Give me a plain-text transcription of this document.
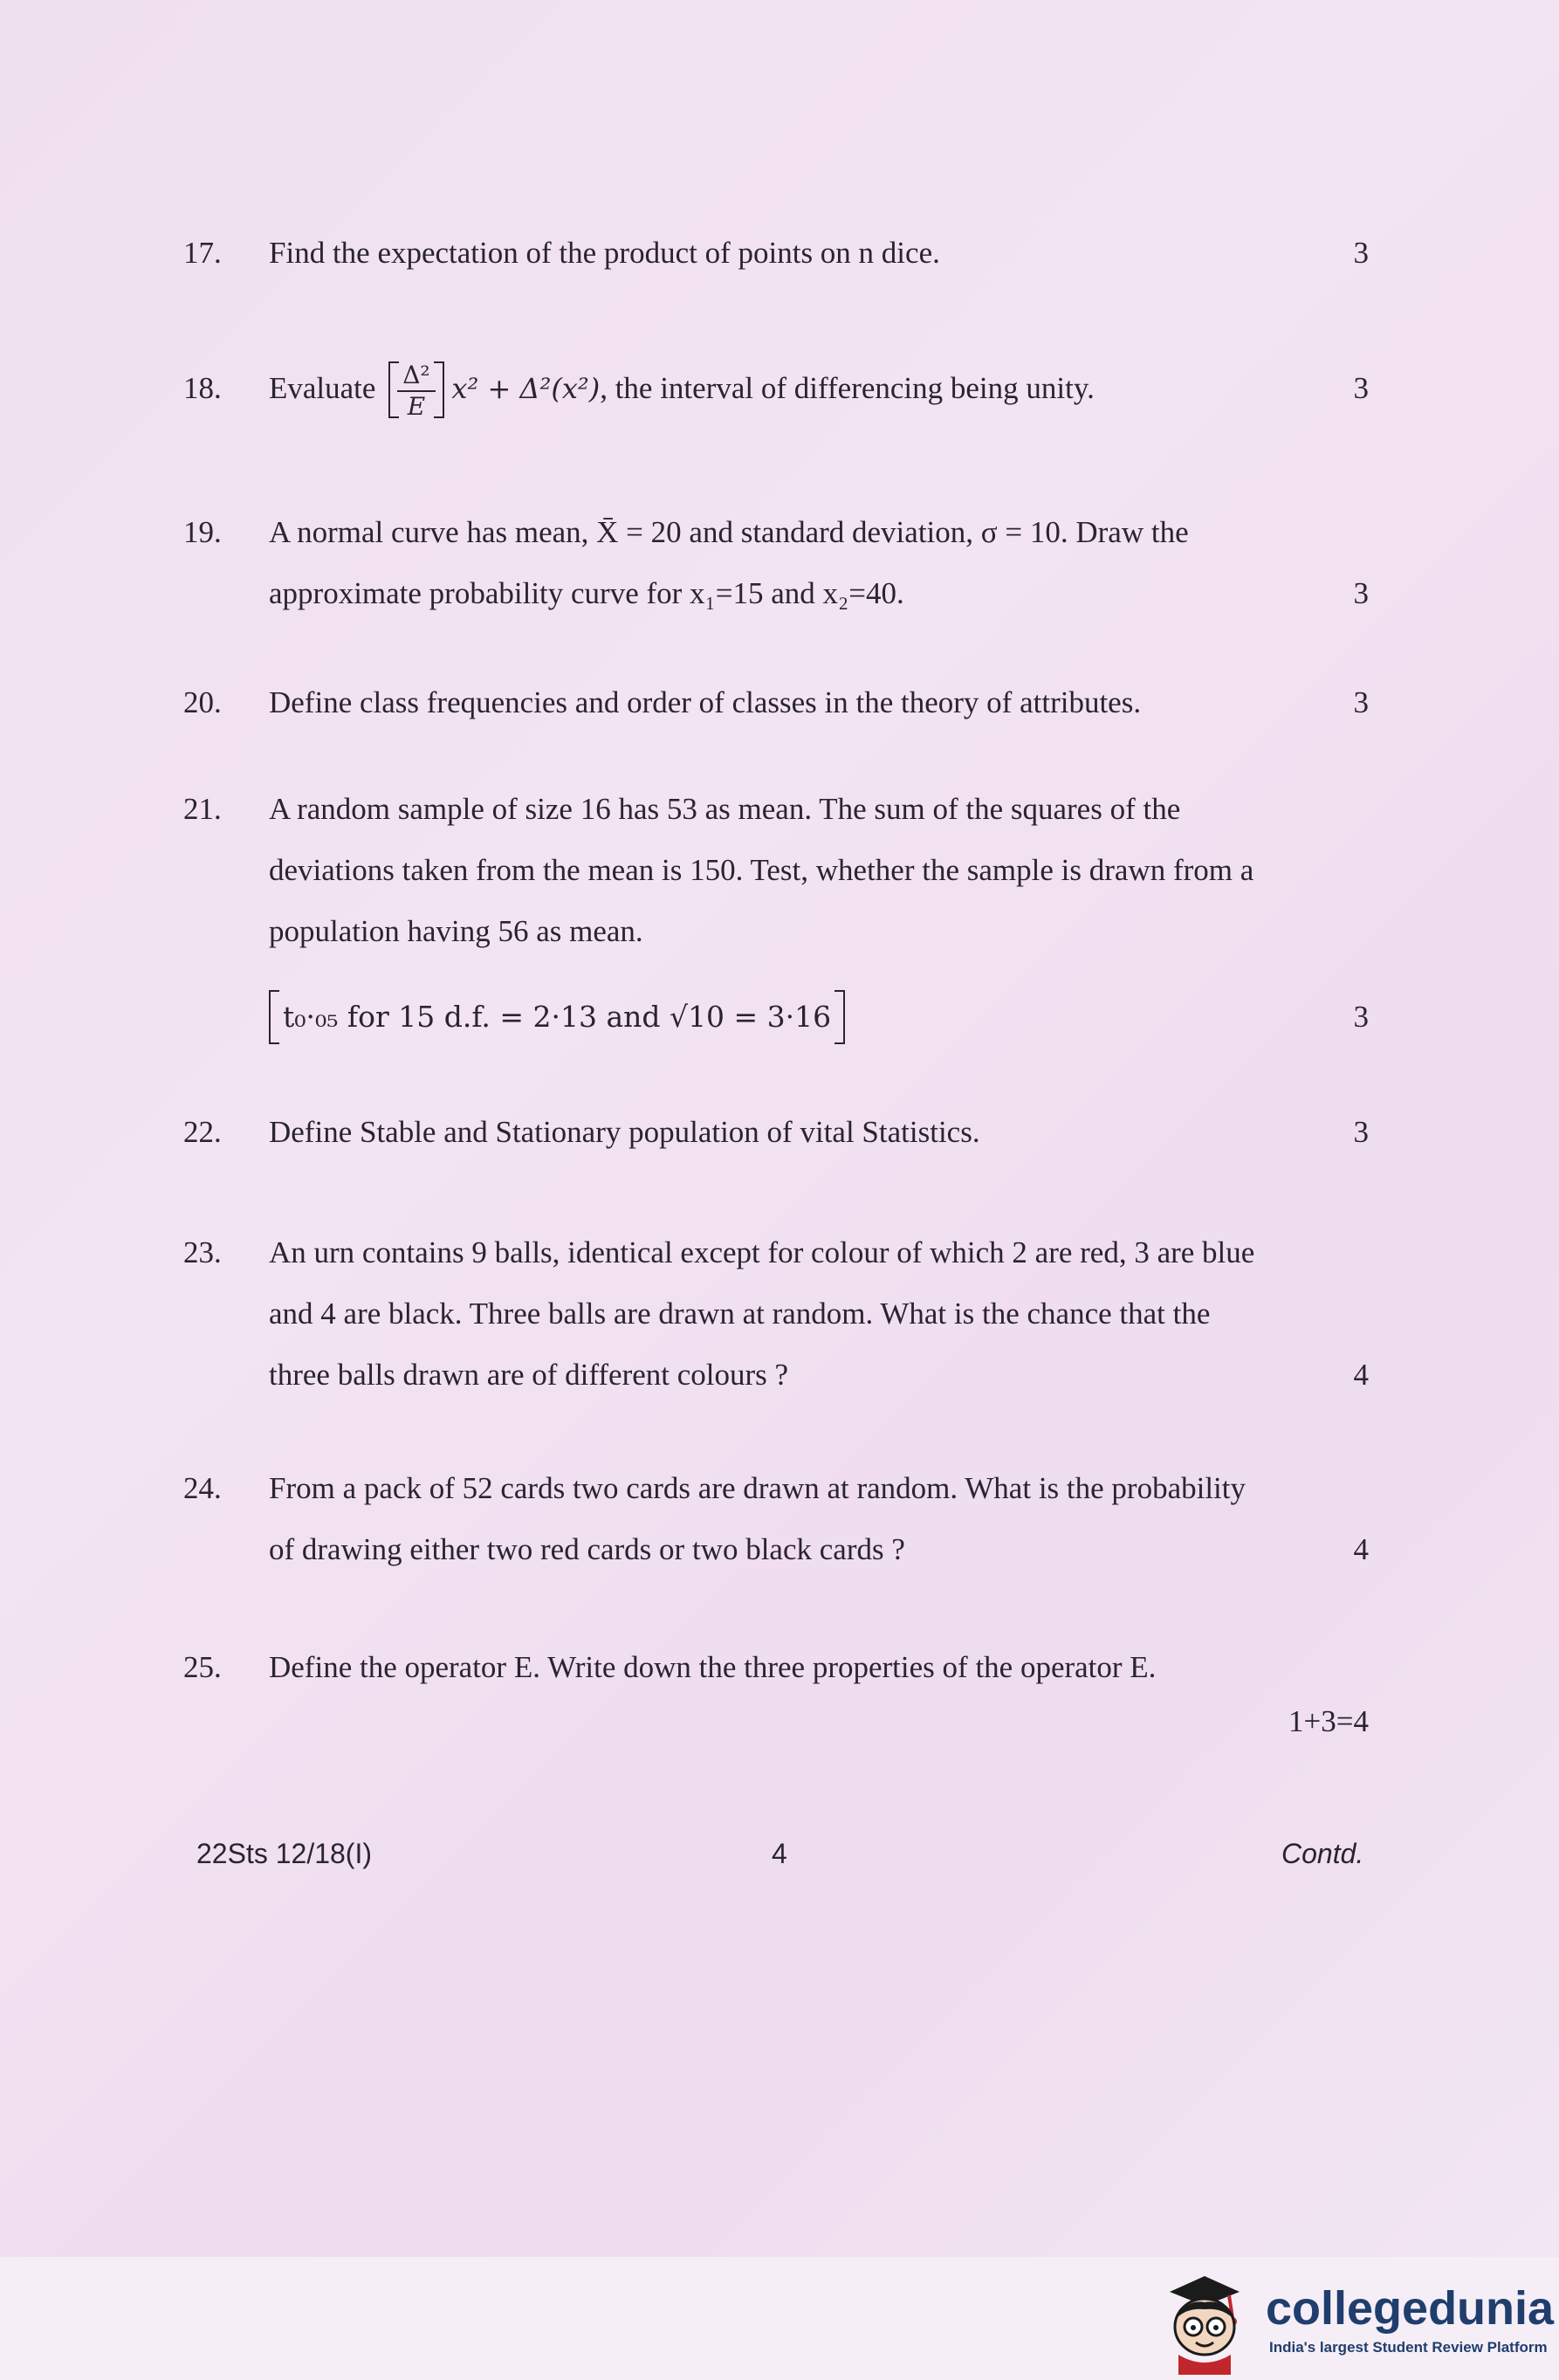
17. Find the expectation of the product of points on n dice.	3
18. Evaluate $\frac{\text{Δ²}}{E} x^2 + \Delta^2(x^2)$, the interval of differencing being unity.	3
19. A normal curve has mean, X̄ = 20 and standard deviation, σ = 10. Draw the

approximate probability curve for x₁=15 and x₂=40.	3
20. Define class frequencies and order of classes in the theory of attributes.	3
21. A random sample of size 16 has 53 as mean. The sum of the squares of the

deviations taken from the mean is 150. Test, whether the sample is drawn from a

population having 56 as mean.

t₀·₀₅ for 15 d.f. = 2·13 and √10 = 3·16	3
22. Define Stable and Stationary population of vital Statistics.	3
23. An urn contains 9 balls, identical except for colour of which 2 are red, 3 are blue

and 4 are black. Three balls are drawn at random. What is the chance that the

three balls drawn are of different colours ?	4
24. From a pack of 52 cards two cards are drawn at random. What is the probability

of drawing either two red cards or two black cards ?	4
25. Define the operator E. Write down the three properties of the operator E.
1+3=4
22Sts 12/18(I)	4	Contd.
collegedunia
India's largest Student Review Platform
